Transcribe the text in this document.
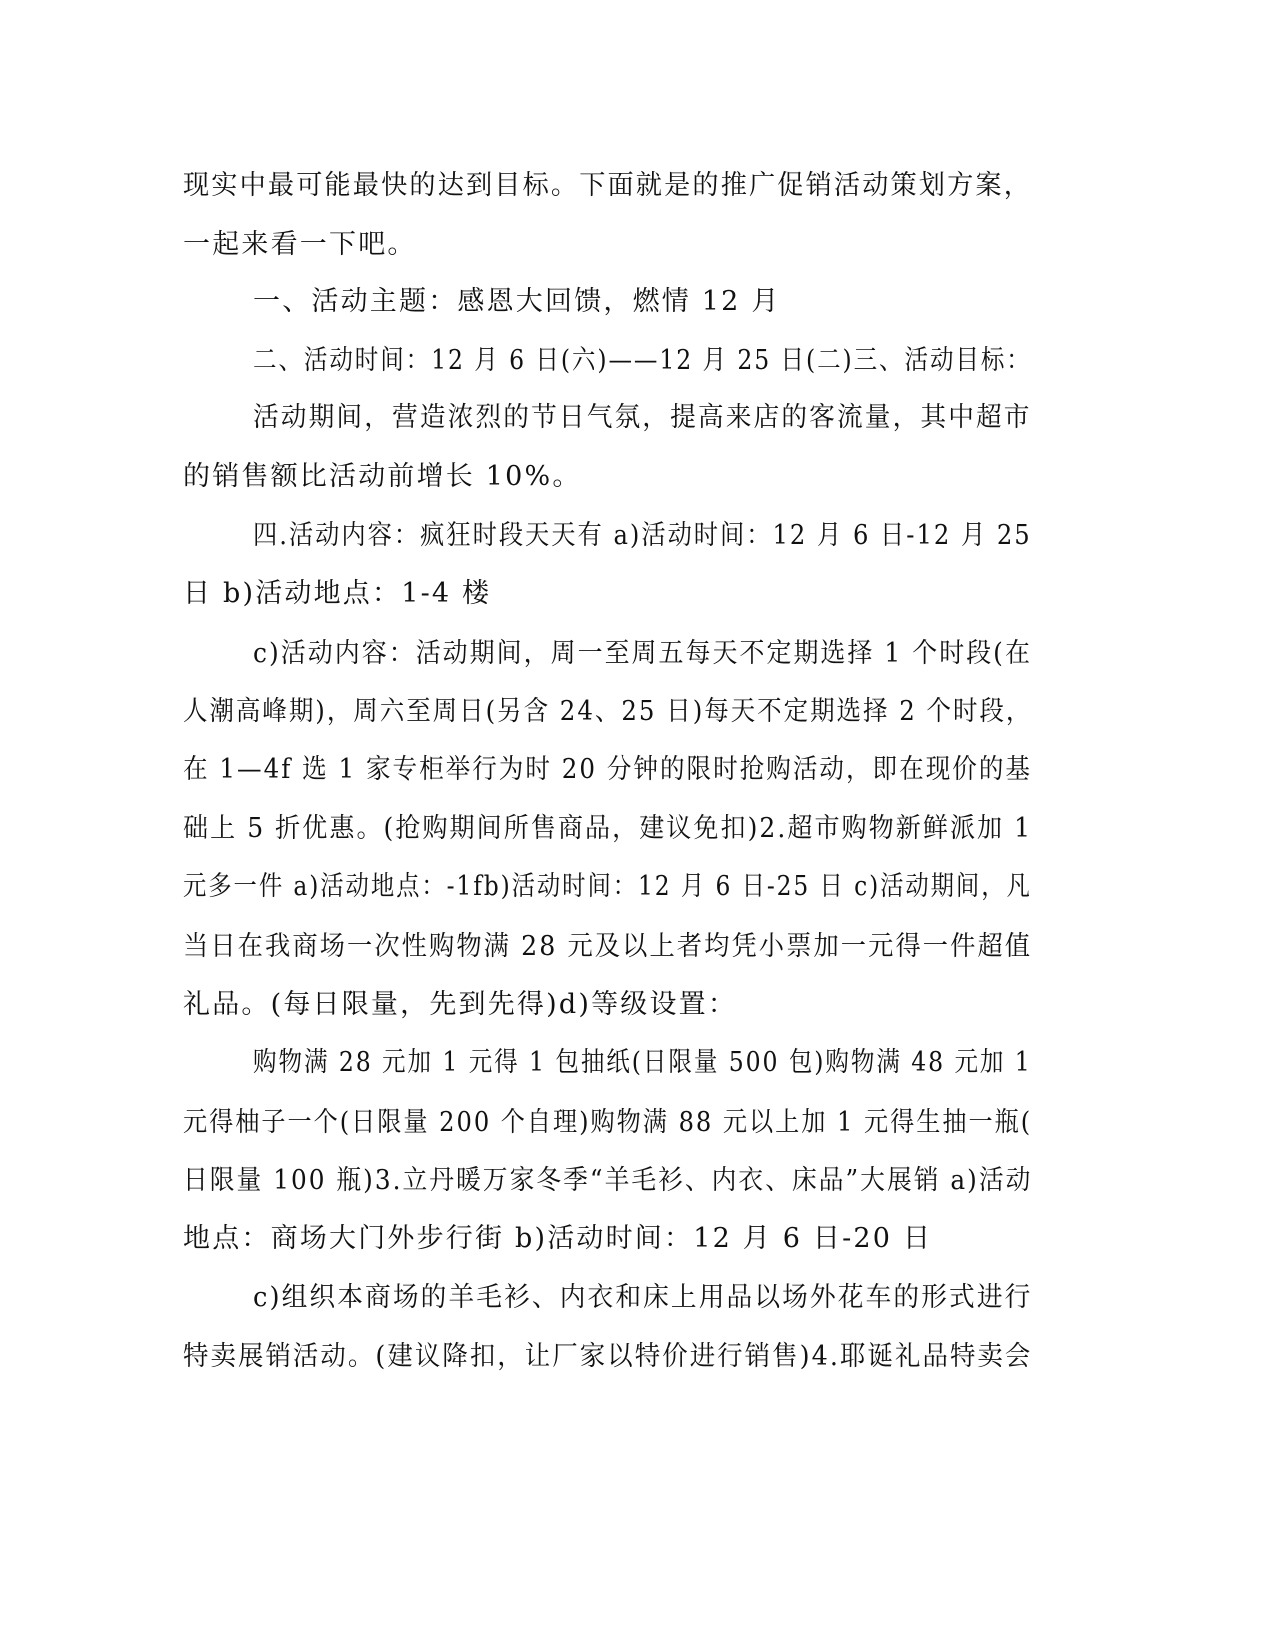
现实中最可能最快的达到目标。下面就是的推广促销活动策划方案，
一起来看一下吧。
一、活动主题：感恩大回馈，燃情 12 月
二、活动时间：12 月 6 日(六)——12 月 25 日(二)三、活动目标：
活动期间，营造浓烈的节日气氛，提高来店的客流量，其中超市
的销售额比活动前增长 10%。
四.活动内容：疯狂时段天天有 a)活动时间：12 月 6 日-12 月 25
日 b)活动地点：1-4 楼
c)活动内容：活动期间，周一至周五每天不定期选择 1 个时段(在
人潮高峰期)，周六至周日(另含 24、25 日)每天不定期选择 2 个时段，
在 1—4f 选 1 家专柜举行为时 20 分钟的限时抢购活动，即在现价的基
础上 5 折优惠。(抢购期间所售商品，建议免扣)2.超市购物新鲜派加 1
元多一件 a)活动地点：-1fb)活动时间：12 月 6 日-25 日 c)活动期间，凡
当日在我商场一次性购物满 28 元及以上者均凭小票加一元得一件超值
礼品。(每日限量，先到先得)d)等级设置：
购物满 28 元加 1 元得 1 包抽纸(日限量 500 包)购物满 48 元加 1
元得柚子一个(日限量 200 个自理)购物满 88 元以上加 1 元得生抽一瓶(
日限量 100 瓶)3.立丹暖万家冬季“羊毛衫、内衣、床品”大展销 a)活动
地点：商场大门外步行街 b)活动时间：12 月 6 日-20 日
c)组织本商场的羊毛衫、内衣和床上用品以场外花车的形式进行
特卖展销活动。(建议降扣，让厂家以特价进行销售)4.耶诞礼品特卖会
